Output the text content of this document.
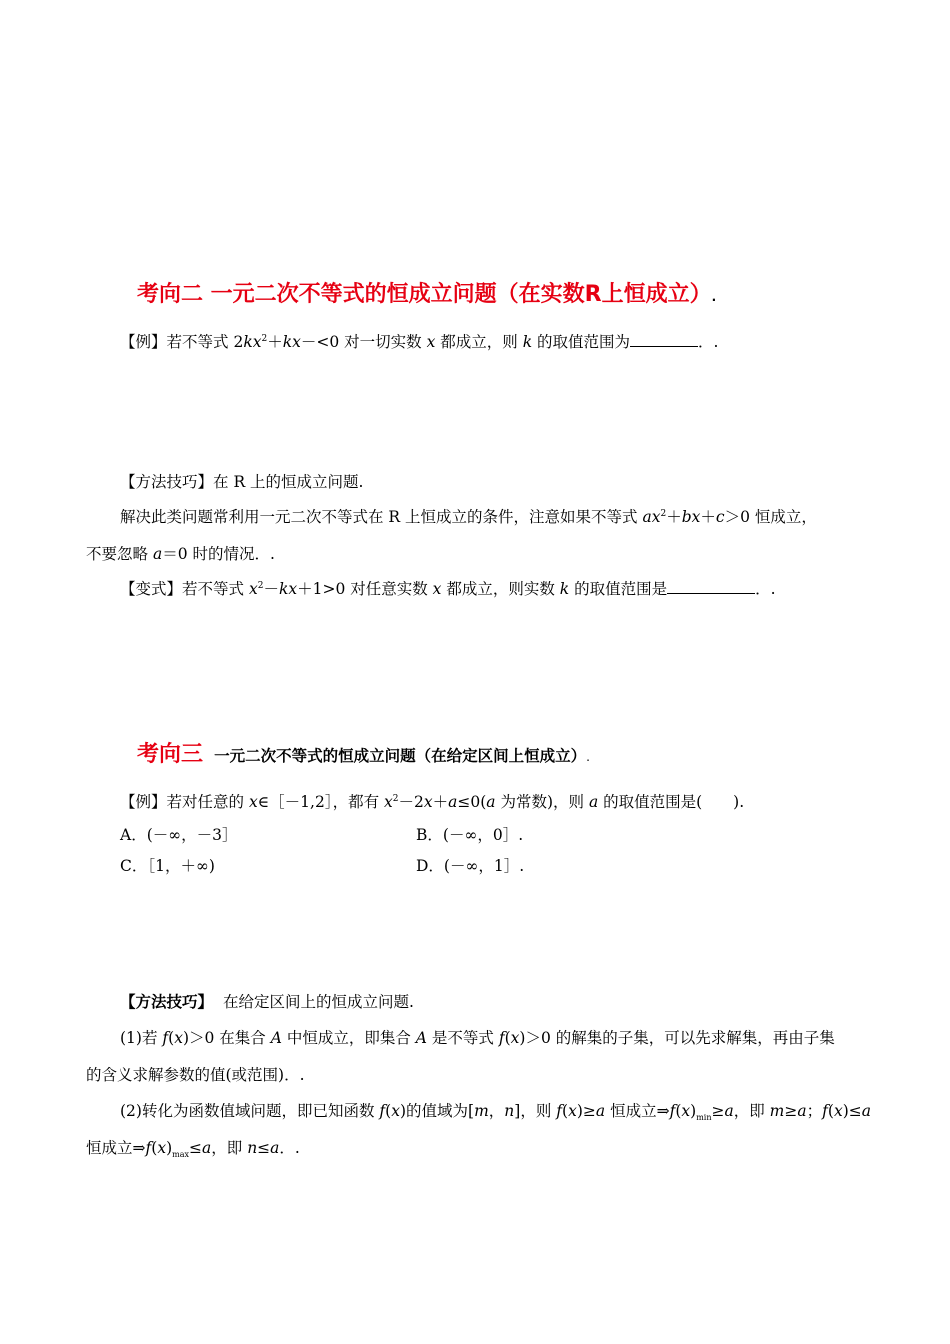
考向二 一元二次不等式的恒成立问题（在实数R上恒成立）.
【例】若不等式 $2kx^2+kx-<0$ 对一切实数 x 都成立，则 k 的取值范围为	．.
【方法技巧】在 R 上的恒成立问题.
解决此类问题常利用一元二次不等式在 R 上恒成立的条件，注意如果不等式 $ax^2+bx+c>0$ 恒成立，
不要忽略 a＝0 时的情况．.
【变式】若不等式 $x^2-kx+1>0$ 对任意实数 x 都成立，则实数 k 的取值范围是	．.
考向三 一元二次不等式的恒成立问题（在给定区间上恒成立）.
【例】若对任意的 x∈［－1,2］，都有 $x^2-2x+a\le 0(a$ 为常数)，则 a 的取值范围是(　　).
A．(－∞，－3］	B．(－∞，0］.
C．［1，＋∞)	D．(－∞，1］.
【方法技巧】 在给定区间上的恒成立问题.
(1)若 f(x)＞0 在集合 A 中恒成立，即集合 A 是不等式 f(x)＞0 的解集的子集，可以先求解集，再由子集
的含义求解参数的值(或范围)．.
(2)转化为函数值域问题，即已知函数 f(x)的值域为[m，n]，则 f(x)≥a 恒成立$\Rightarrow f(x)_{min}\ge a$，即 m≥a；f(x)≤a
恒成立$\Rightarrow f(x)_{max}\le a$，即 n≤a．.
